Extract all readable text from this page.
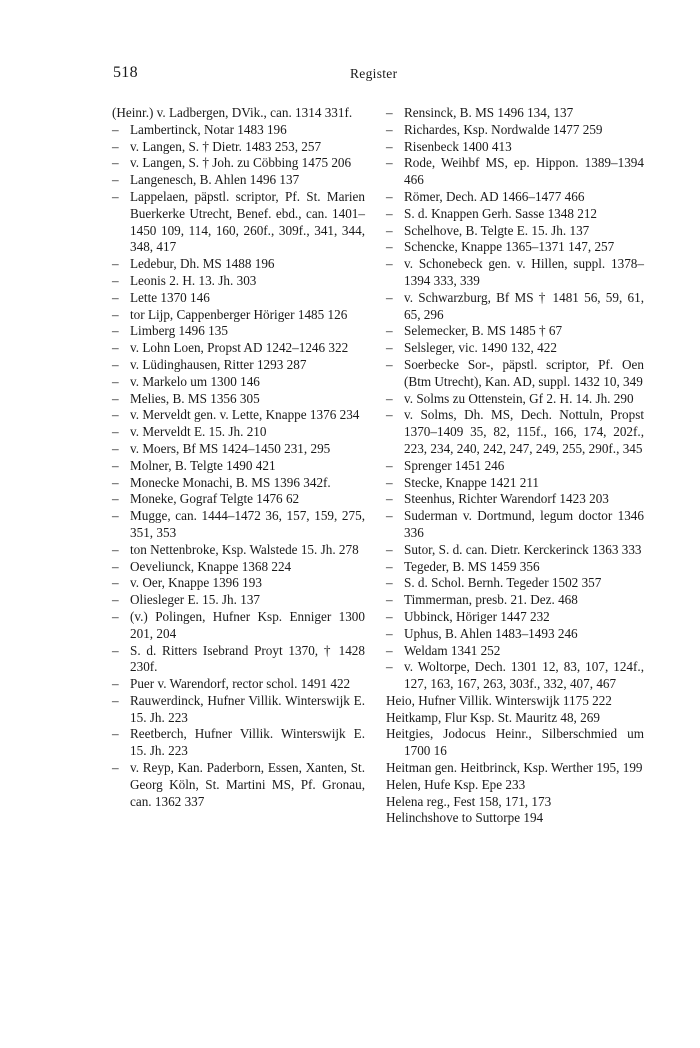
518	Register
(Heinr.) v. Ladbergen, DVik., can. 1314 331f.
– Lambertinck, Notar 1483 196
– v. Langen, S. † Dietr. 1483 253, 257
– v. Langen, S. † Joh. zu Cöbbing 1475 206
– Langenesch, B. Ahlen 1496 137
– Lappelaen, päpstl. scriptor, Pf. St. Marien Buerkerke Utrecht, Benef. ebd., can. 1401–1450 109, 114, 160, 260f., 309f., 341, 344, 348, 417
– Ledebur, Dh. MS 1488 196
– Leonis 2. H. 13. Jh. 303
– Lette 1370 146
– tor Lijp, Cappenberger Höriger 1485 126
– Limberg 1496 135
– v. Lohn Loen, Propst AD 1242–1246 322
– v. Lüdinghausen, Ritter 1293 287
– v. Markelo um 1300 146
– Melies, B. MS 1356 305
– v. Merveldt gen. v. Lette, Knappe 1376 234
– v. Merveldt E. 15. Jh. 210
– v. Moers, Bf MS 1424–1450 231, 295
– Molner, B. Telgte 1490 421
– Monecke Monachi, B. MS 1396 342f.
– Moneke, Gograf Telgte 1476 62
– Mugge, can. 1444–1472 36, 157, 159, 275, 351, 353
– ton Nettenbroke, Ksp. Walstede 15. Jh. 278
– Oeveliunck, Knappe 1368 224
– v. Oer, Knappe 1396 193
– Oliesleger E. 15. Jh. 137
– (v.) Polingen, Hufner Ksp. Enniger 1300 201, 204
– S. d. Ritters Isebrand Proyt 1370, † 1428 230f.
– Puer v. Warendorf, rector schol. 1491 422
– Rauwerdinck, Hufner Villik. Winterswijk E. 15. Jh. 223
– Reetberch, Hufner Villik. Winterswijk E. 15. Jh. 223
– v. Reyp, Kan. Paderborn, Essen, Xanten, St. Georg Köln, St. Martini MS, Pf. Gronau, can. 1362 337
– Rensinck, B. MS 1496 134, 137
– Richardes, Ksp. Nordwalde 1477 259
– Risenbeck 1400 413
– Rode, Weihbf MS, ep. Hippon. 1389–1394 466
– Römer, Dech. AD 1466–1477 466
– S. d. Knappen Gerh. Sasse 1348 212
– Schelhove, B. Telgte E. 15. Jh. 137
– Schencke, Knappe 1365–1371 147, 257
– v. Schonebeck gen. v. Hillen, suppl. 1378–1394 333, 339
– v. Schwarzburg, Bf MS † 1481 56, 59, 61, 65, 296
– Selemecker, B. MS 1485 † 67
– Selsleger, vic. 1490 132, 422
– Soerbecke Sor-, päpstl. scriptor, Pf. Oen (Btm Utrecht), Kan. AD, suppl. 1432 10, 349
– v. Solms zu Ottenstein, Gf 2. H. 14. Jh. 290
– v. Solms, Dh. MS, Dech. Nottuln, Propst 1370–1409 35, 82, 115f., 166, 174, 202f., 223, 234, 240, 242, 247, 249, 255, 290f., 345
– Sprenger 1451 246
– Stecke, Knappe 1421 211
– Steenhus, Richter Warendorf 1423 203
– Suderman v. Dortmund, legum doctor 1346 336
– Sutor, S. d. can. Dietr. Kerckerinck 1363 333
– Tegeder, B. MS 1459 356
– S. d. Schol. Bernh. Tegeder 1502 357
– Timmerman, presb. 21. Dez. 468
– Ubbinck, Höriger 1447 232
– Uphus, B. Ahlen 1483–1493 246
– Weldam 1341 252
– v. Woltorpe, Dech. 1301 12, 83, 107, 124f., 127, 163, 167, 263, 303f., 332, 407, 467
Heio, Hufner Villik. Winterswijk 1175 222
Heitkamp, Flur Ksp. St. Mauritz 48, 269
Heitgies, Jodocus Heinr., Silberschmied um 1700 16
Heitman gen. Heitbrinck, Ksp. Werther 195, 199
Helen, Hufe Ksp. Epe 233
Helena reg., Fest 158, 171, 173
Helinchshove to Suttorpe 194
